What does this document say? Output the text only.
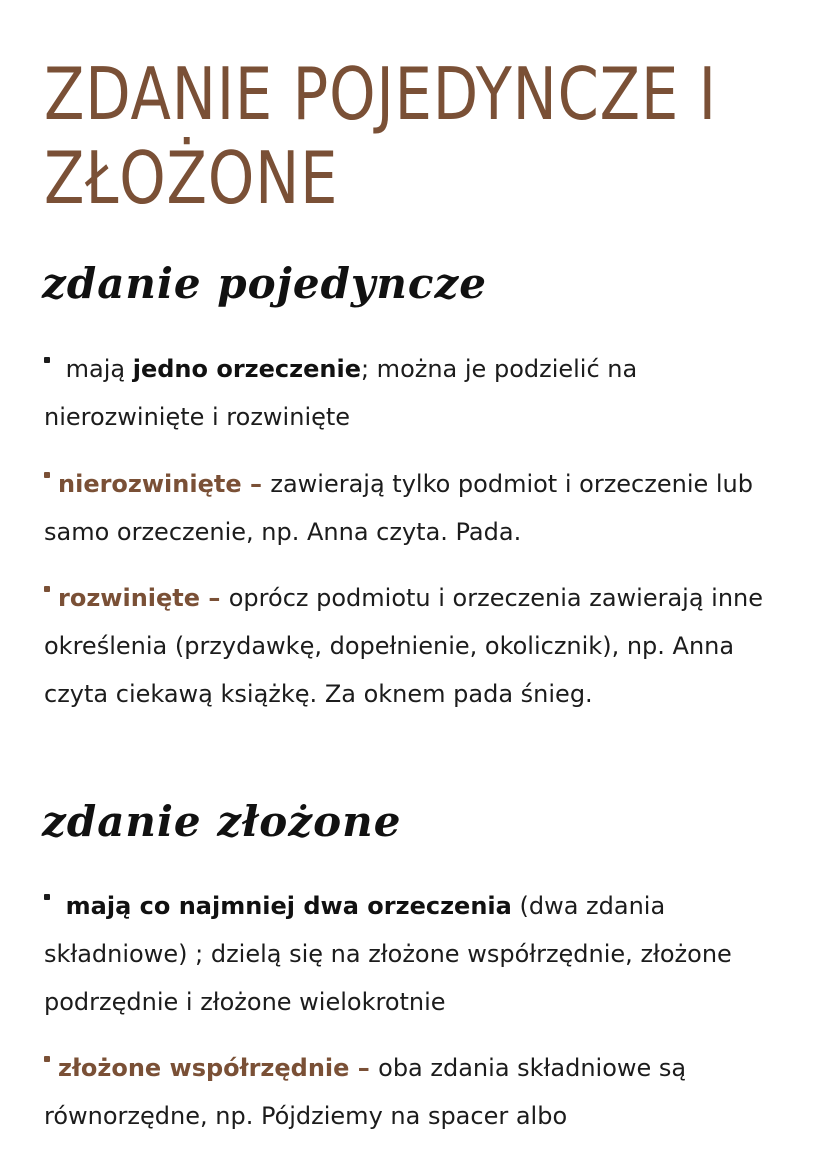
ZDANIE POJEDYNCZE I
ZŁOŻONE
zdanie pojedyncze

mają jedno orzeczenie; można je podzielić na nierozwinięte i rozwinięte

nierozwinięte – zawierają tylko podmiot i orzeczenie lub samo orzeczenie, np. Anna czyta. Pada.

rozwinięte – oprócz podmiotu i orzeczenia zawierają inne określenia (przydawkę, dopełnienie, okolicznik), np. Anna czyta ciekawą książkę. Za oknem pada śnieg.

zdanie złożone

mają co najmniej dwa orzeczenia (dwa zdania składniowe) ; dzielą się na złożone współrzędnie, złożone podrzędnie i złożone wielokrotnie

złożone współrzędnie – oba zdania składniowe są równorzędne, np. Pójdziemy na spacer albo
